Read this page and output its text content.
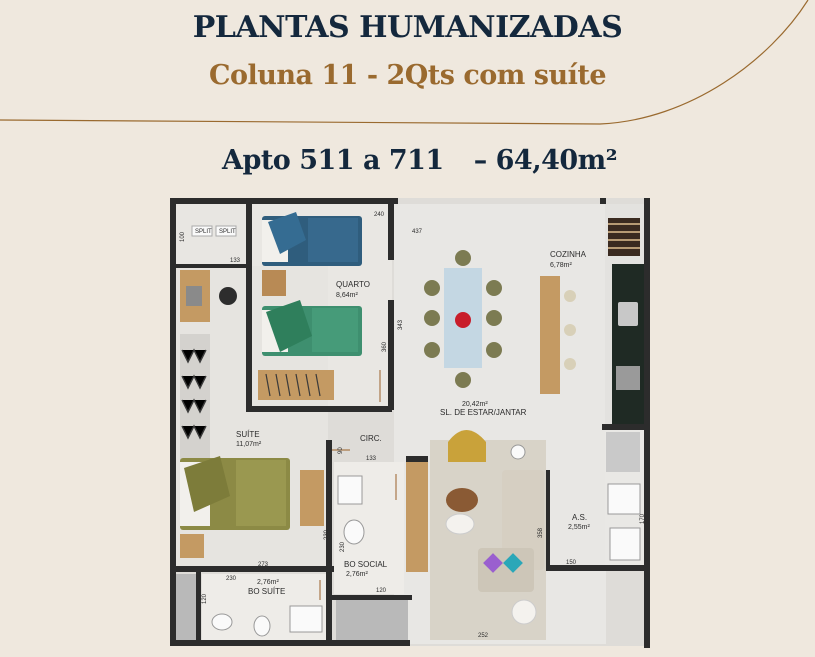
SPLIT SPLIT
QUARTO
8,64m²
COZINHA
6,78m²
20,42m²
SL. DE ESTAR/JANTAR
SUÍTE
11,07m²
CIRC.
BO SOCIAL
2,76m²
2,76m²
BO SUÍTE
A.S.
2,55m²
240
437
100
133
343
360
90
133
273
230
230
230
120
120
358
150
170
252
PLANTAS HUMANIZADAS
Coluna 11 - 2Qts com suíte
Apto 511 a 711 – 64,40m²
